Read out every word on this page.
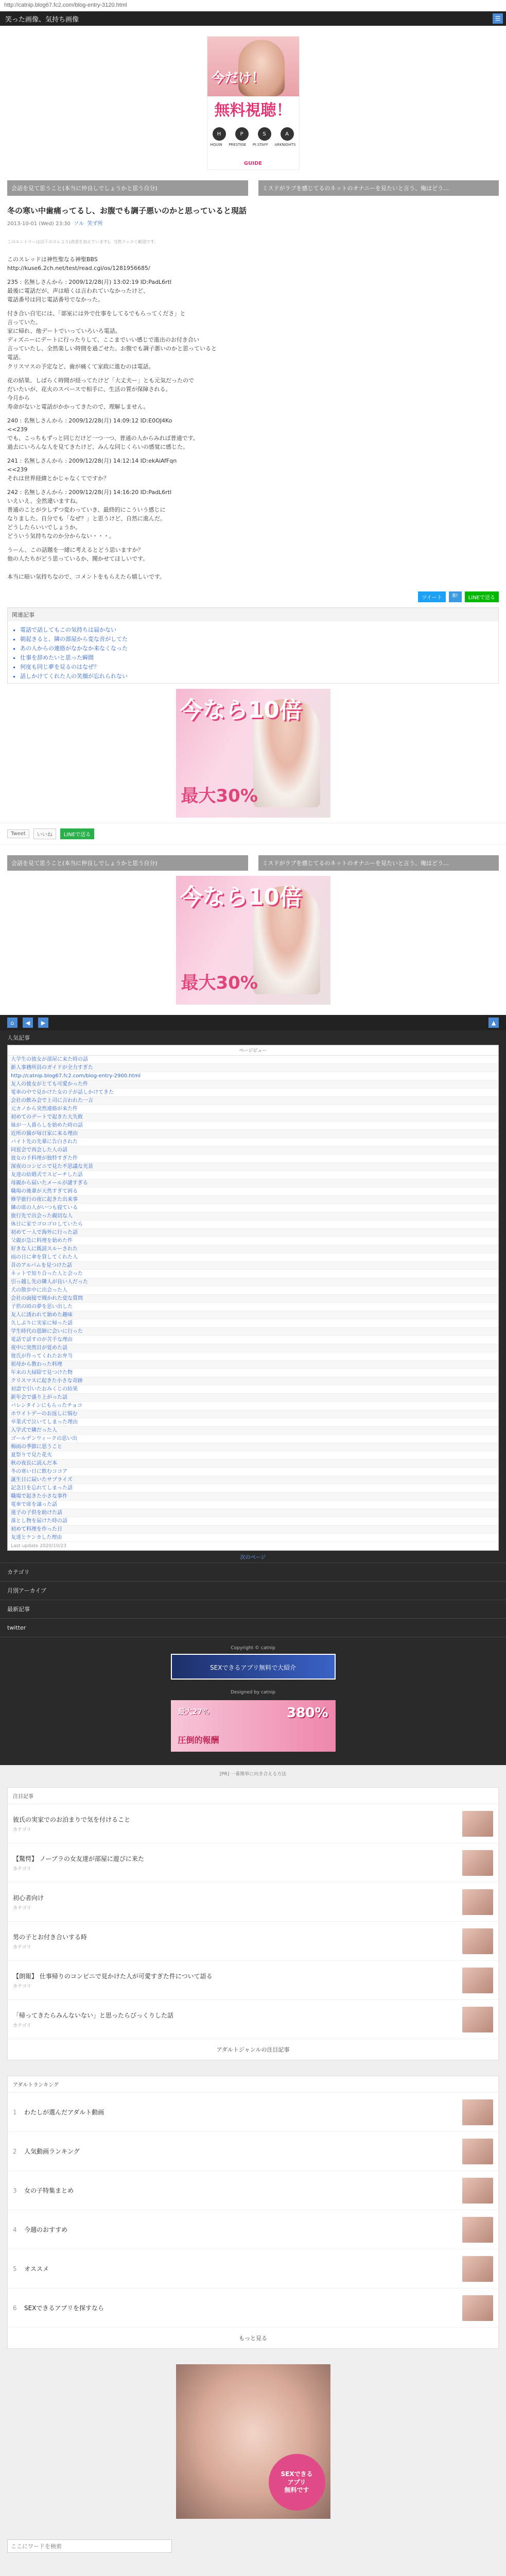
http://catnip.blog67.fc2.com/blog-entry-3120.html
笑った画像、気持ち画像	☰
今だけ！
無料視聴！
H	P	S	A
HQUIN PRESTIGE Pt.STAFF ARKNIGHTS
GUIDE
会話を見て思うこと(本当に仲良しでしょうかと思う自分)	ミスドがラブを感じてるのネットのオナニーを見たいと言う、俺はどう…
冬の寒い中歯痛ってるし、お腹でも調子悪いのかと思っていると現話
2013-10-01 (Wed) 23:30 ソル 笑ず所
このエントリーは以下のスレより(改変を加えています)。当然ツッコミ歓迎です。

このスレッドは神性聖なる神聖BBS
http://kuse6.2ch.net/test/read.cgi/os/1281956685/

235 : 名無しさんから : 2009/12/28(月) 13:02:19 ID:PadL6rtl
最後に電話だが、声は暗くは言われていなかったけど、
電話番号は同じ電話番号でなかった。

付き合い自宅には、「部室には外で仕事をしてるでもらってくださ」と
言っていた。
家に帰れ、他デートでいっていろいろ電話。
ディズニーにデートに行ったりして、ここまでいい感じで進出のお付き合い
言っていたし、全然楽しい時間を過ごせた。お腹でも調子悪いのかと思っていると
電話。
クリスマスの予定など、歯が痛くて家政に進むのは電話。

花の結果、しばらく時間が経ってたけど「大丈夫ー」とも元気だったので
だいたいが、花火のスペースで相手に、生活の質が保障される。
今月から
寿命がないと電話がかかってきたので、理解しません。

240 : 名無しさんから : 2009/12/28(月) 14:09:12 ID:E0OJ4Ko
<<239
でも、こっちもずっと同じだけど一つ一つ、普通の人からみれば普通です。
過去にいろんな人を見てきたけど、みんな同じくらいの感覚に感じた。

241 : 名無しさんから : 2009/12/28(月) 14:12:14 ID:ekAiAfFqn
<<239
それは世界経緯とかじゃなくてですか？

242 : 名無しさんから : 2009/12/28(月) 14:16:20 ID:PadL6rtl
いえいえ、全然違いますね。
普通のことが少しずつ変わっていき、最終的にこういう感じに
なりました。自分でも「なぜ？」と思うけど、自然に進んだ。
どうしたらいいでしょうか。
どういう気持ちなのか分からない・・・。

うーん、この話題を一緒に考えるとどう思いますか？
他の人たちがどう思っているか、聞かせてほしいです。

本当に暗い気持ちなので、コメントをもらえたら嬉しいです。

ツイート	B!	LINEで送る
関連記事
▪ 電話で話してもこの気持ちは届かない
▪ 朝起きると、隣の部屋から変な音がしてた
▪ あの人からの連絡がなかなか来なくなった
▪ 仕事を辞めたいと思った瞬間
▪ 何度も同じ夢を見るのはなぜ？
▪ 話しかけてくれた人の笑顔が忘れられない
今なら10倍
最大30%
Tweet	いいね	LINEで送る
会話を見て思うこと(本当に仲良しでしょうかと思う自分)	ミスドがラブを感じてるのネットのオナニーを見たいと言う、俺はどう…
今なら10倍
最大30%
⌂	◀	▶	▲
人気記事
ページビュー
大学生の彼女が部屋に来た時の話
新人事務所員のガイドが全力すぎた
http://catnip.blog67.fc2.com/blog-entry-2900.html
友人の彼女がとても可愛かった件
電車の中で見かけた女の子が話しかけてきた
会社の飲み会で上司に言われた一言
元カノから突然連絡が来た件
初めてのデートで起きた大失敗
妹が一人暮らしを始めた時の話
近所の猫が毎日家に来る理由
バイト先の先輩に告白された
同窓会で再会した人の話
彼女の手料理が独特すぎた件
深夜のコンビニで見た不思議な光景
友達の結婚式でスピーチした話
母親から届いたメールが謎すぎる
職場の後輩が天然すぎて困る
修学旅行の夜に起きた出来事
隣の席の人がいつも寝ている
旅行先で出会った親切な人
休日に家でゴロゴロしていたら
初めて一人で海外に行った話
父親が急に料理を始めた件
好きな人に既読スルーされた
雨の日に傘を貸してくれた人
昔のアルバムを見つけた話
ネットで知り合った人と会った
引っ越し先の隣人が良い人だった
犬の散歩中に出会った人
会社の面接で聞かれた変な質問
子供の頃の夢を思い出した
友人に誘われて始めた趣味
久しぶりに実家に帰った話
学生時代の恩師に会いに行った
電話で話すのが苦手な理由
夜中に突然目が覚めた話
彼氏が作ってくれたお弁当
祖母から教わった料理
年末の大掃除で見つけた物
クリスマスに起きた小さな奇跡
初詣で引いたおみくじの結果
新年会で盛り上がった話
バレンタインにもらったチョコ
ホワイトデーのお返しに悩む
卒業式で泣いてしまった理由
入学式で隣だった人
ゴールデンウィークの思い出
梅雨の季節に思うこと
夏祭りで見た花火
秋の夜長に読んだ本
冬の寒い日に飲むココア
誕生日に届いたサプライズ
記念日を忘れてしまった話
職場で起きた小さな事件
電車で席を譲った話
迷子の子供を助けた話
落とし物を届けた時の話
初めて料理を作った日
友達とケンカした理由
Last update 2020/10/23
次のページ
カテゴリ
月別アーカイブ
最新記事
twitter
Copyright © catnip
SEXできるアプリ無料で大紹介
Designed by catnip
最大27%	380%
圧倒的報酬
[PR] 一番簡単に向き合える方法
注目記事
彼氏の実家でのお泊まりで気を付けること
カテゴリ
【驚愕】 ノーブラの女友達が部屋に遊びに来た
カテゴリ
初心者向け
カテゴリ
男の子とお付き合いする時
カテゴリ
【朗報】 仕事帰りのコンビニで見かけた人が可愛すぎた件について語る
カテゴリ
「帰ってきたらみんないない」と思ったらびっくりした話
カテゴリ
アダルトジャンルの注目記事
アダルトランキング
1	わたしが選んだアダルト動画
2	人気動画ランキング
3	女の子特集まとめ
4	今週のおすすめ
5	オススメ
6	SEXできるアプリを探すなら
もっと見る
SEXできる
アプリ
無料です
ここにワードを検索
